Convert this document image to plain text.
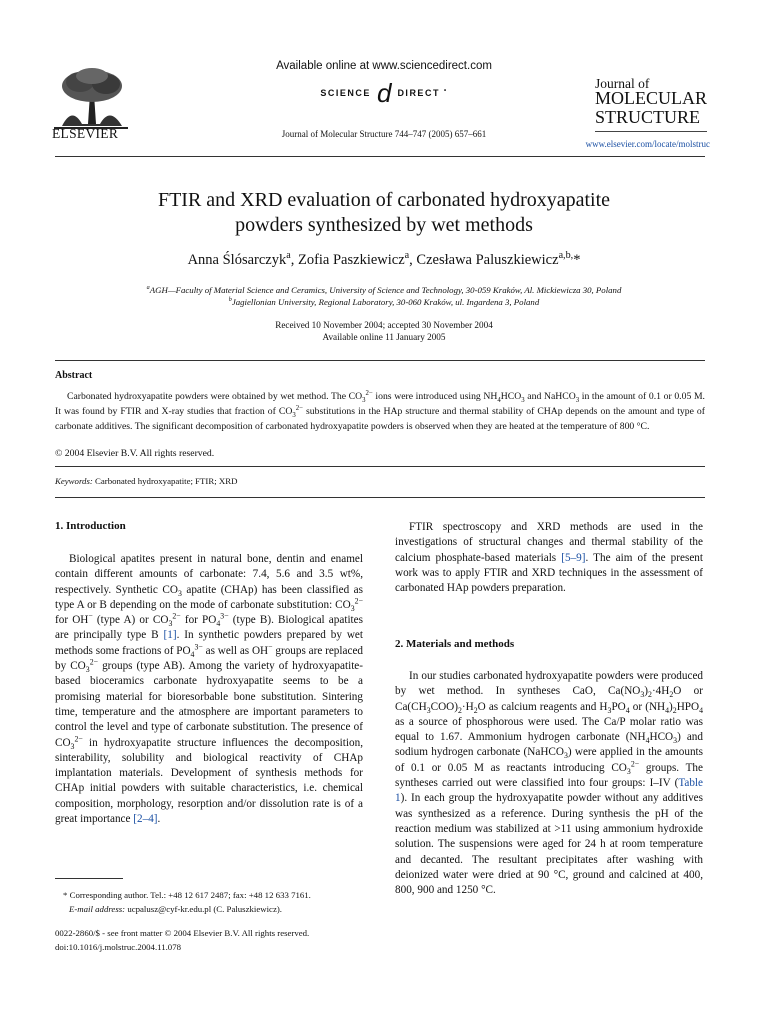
ELSEVIER
Available online at www.sciencedirect.com
SCIENCE d DIRECT •
Journal of Molecular Structure 744–747 (2005) 657–661
Journal of
MOLECULAR
STRUCTURE
www.elsevier.com/locate/molstruc
FTIR and XRD evaluation of carbonated hydroxyapatite
powders synthesized by wet methods
Anna Ślósarczyk$^a$, Zofia Paszkiewicz$^a$, Czesława Paluszkiewicz$^{a,b,}$*
$^a$AGH—Faculty of Material Science and Ceramics, University of Science and Technology, 30-059 Kraków, Al. Mickiewicza 30, Poland
$^b$Jagiellonian University, Regional Laboratory, 30-060 Kraków, ul. Ingardena 3, Poland
Received 10 November 2004; accepted 30 November 2004
Available online 11 January 2005
Abstract
Carbonated hydroxyapatite powders were obtained by wet method. The $CO_3^{2-}$ ions were introduced using $NH_4HCO_3$ and NaHCO$_3$ in the amount of 0.1 or 0.05 M. It was found by FTIR and X-ray studies that fraction of $CO_3^{2-}$ substitutions in the HAp structure and thermal stability of CHAp depends on the amount and type of carbonate additives. The significant decomposition of carbonated hydroxyapatite powders is observed when they are heated at the temperature of 800 °C.
© 2004 Elsevier B.V. All rights reserved.
Keywords: Carbonated hydroxyapatite; FTIR; XRD
1. Introduction

Biological apatites present in natural bone, dentin and enamel contain different amounts of carbonate: 7.4, 5.6 and 3.5 wt%, respectively. Synthetic $CO_3$ apatite (CHAp) has been classified as type A or B depending on the mode of carbonate substitution: $CO_3^{2-}$ for OH− (type A) or $CO_3^{2-}$ for $PO_4^{3-}$ (type B). Biological apatites are principally type B [1]. In synthetic powders prepared by wet methods some fractions of $PO_4^{3-}$ as well as OH− groups are replaced by $CO_3^{2-}$ groups (type AB). Among the variety of hydroxyapatite-based bioceramics carbonate hydroxyapatite seems to be a promising material for bioresorbable bone substitution. Sintering time, temperature and the atmosphere are important parameters to control the level and type of carbonate substitution. The presence of $CO_3^{2-}$ in hydroxyapatite structure influences the decomposition, sinterability, solubility and biological reactivity of CHAp implantation materials. Development of synthesis methods for CHAp initial powders with suitable characteristics, i.e. chemical composition, morphology, resorption and/or dissolution rate is of a great importance [2–4].

* Corresponding author. Tel.: +48 12 617 2487; fax: +48 12 633 7161.
E-mail address: ucpalusz@cyf-kr.edu.pl (C. Paluszkiewicz).
0022-2860/$ - see front matter © 2004 Elsevier B.V. All rights reserved.
doi:10.1016/j.molstruc.2004.11.078

FTIR spectroscopy and XRD methods are used in the investigations of structural changes and thermal stability of the calcium phosphate-based materials [5–9]. The aim of the present work was to apply FTIR and XRD techniques in the assessment of carbonated HAp powders preparation.

2. Materials and methods

In our studies carbonated hydroxyapatite powders were produced by wet method. In syntheses CaO, $Ca(NO_3)_2\cdot 4H_2O$ or $Ca(CH_3COO)_2\cdot H_2O$ as calcium reagents and $H_3PO_4$ or $(NH_4)_2HPO_4$ as a source of phosphorous were used. The Ca/P molar ratio was equal to 1.67. Ammonium hydrogen carbonate $(NH_4HCO_3)$ and sodium hydrogen carbonate (NaHCO$_3$) were applied in the amounts of 0.1 or 0.05 M as reactants introducing $CO_3^{2-}$ groups. The syntheses carried out were classified into four groups: I–IV (Table 1). In each group the hydroxyapatite powder without any additives was synthesized as a reference. During synthesis the pH of the reaction medium was stabilized at >11 using ammonium hydroxide solution. The suspensions were aged for 24 h at room temperature and decanted. The resultant precipitates after washing with deionized water were dried at 90 °C, ground and calcined at 400, 800, 900 and 1250 °C.
